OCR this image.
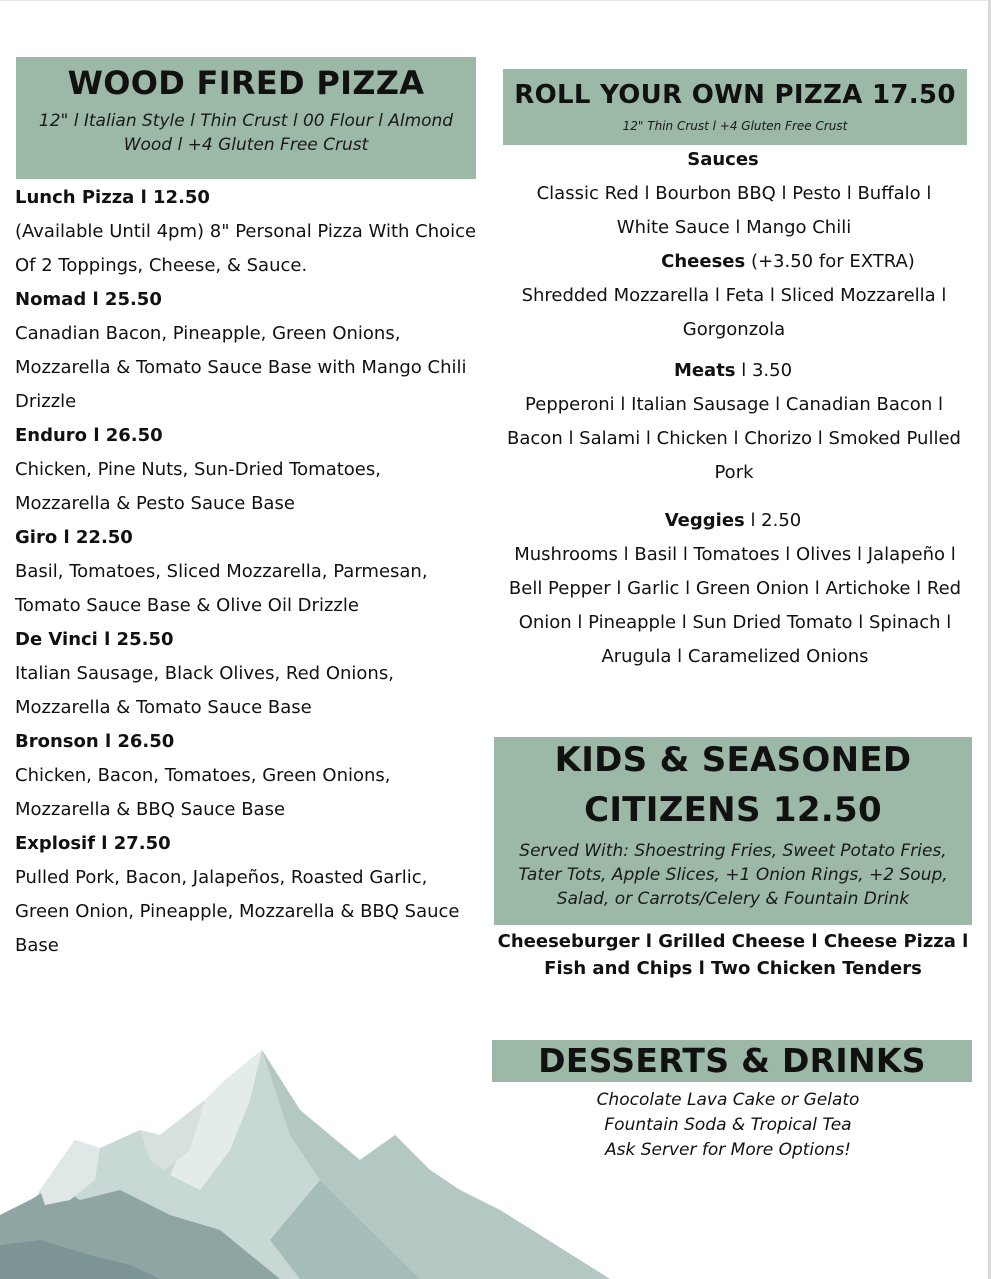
WOOD FIRED PIZZA
12" l Italian Style l Thin Crust l 00 Flour l Almond Wood l +4 Gluten Free Crust
Lunch Pizza l 12.50
(Available Until 4pm) 8" Personal Pizza With Choice Of 2 Toppings, Cheese, & Sauce.
Nomad l 25.50
Canadian Bacon, Pineapple, Green Onions, Mozzarella & Tomato Sauce Base with Mango Chili Drizzle
Enduro l 26.50
Chicken, Pine Nuts, Sun-Dried Tomatoes, Mozzarella & Pesto Sauce Base
Giro l 22.50
Basil, Tomatoes, Sliced Mozzarella, Parmesan, Tomato Sauce Base & Olive Oil Drizzle
De Vinci l 25.50
Italian Sausage, Black Olives, Red Onions, Mozzarella & Tomato Sauce Base
Bronson l 26.50
Chicken, Bacon, Tomatoes, Green Onions, Mozzarella & BBQ Sauce Base
Explosif l 27.50
Pulled Pork, Bacon, Jalapeños, Roasted Garlic, Green Onion, Pineapple, Mozzarella & BBQ Sauce Base
ROLL YOUR OWN PIZZA 17.50
12" Thin Crust l +4 Gluten Free Crust
Sauces
Classic Red l Bourbon BBQ l Pesto l Buffalo l White Sauce l Mango Chili
Cheeses (+3.50 for EXTRA)
Shredded Mozzarella l Feta l Sliced Mozzarella l Gorgonzola
Meats l 3.50
Pepperoni l Italian Sausage l Canadian Bacon l Bacon l Salami l Chicken l Chorizo l Smoked Pulled Pork
Veggies l 2.50
Mushrooms l Basil l Tomatoes l Olives l Jalapeño l Bell Pepper l Garlic l Green Onion l Artichoke l Red Onion l Pineapple l Sun Dried Tomato l Spinach l Arugula l Caramelized Onions
KIDS & SEASONED CITIZENS 12.50
Served With: Shoestring Fries, Sweet Potato Fries, Tater Tots, Apple Slices, +1 Onion Rings, +2 Soup, Salad, or Carrots/Celery & Fountain Drink
Cheeseburger l Grilled Cheese l Cheese Pizza l Fish and Chips l Two Chicken Tenders
DESSERTS & DRINKS
Chocolate Lava Cake or Gelato
Fountain Soda & Tropical Tea
Ask Server for More Options!
